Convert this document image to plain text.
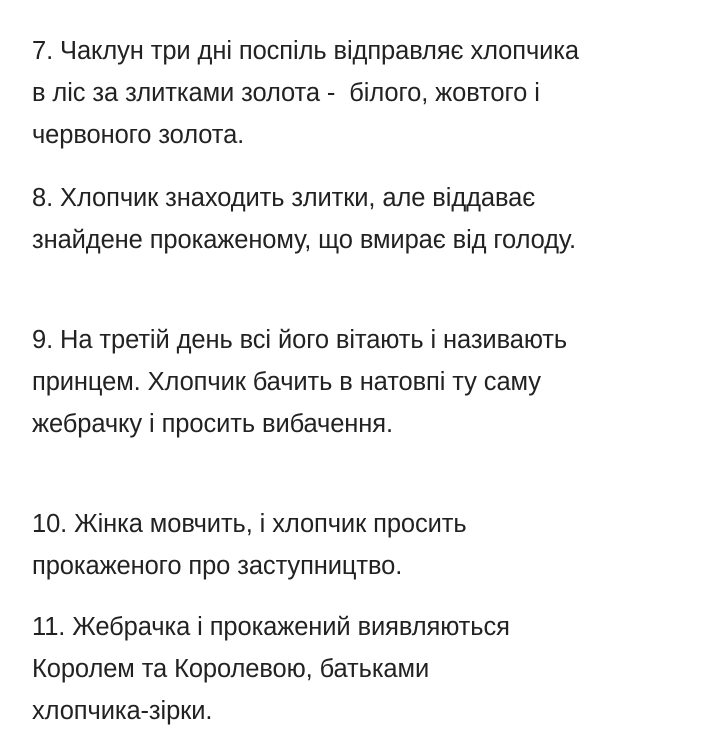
7. Чаклун три дні поспіль відправляє хлопчика
в ліс за злитками золота -  білого, жовтого і
червоного золота.

8. Хлопчик знаходить злитки, але віддаває
знайдене прокаженому, що вмирає від голоду.

9. На третій день всі його вітають і називають
принцем. Хлопчик бачить в натовпі ту саму
жебрачку і просить вибачення.

10. Жінка мовчить, і хлопчик просить
прокаженого про заступництво.

11. Жебрачка і прокажений виявляються
Королем та Королевою, батьками
хлопчика-зірки.
